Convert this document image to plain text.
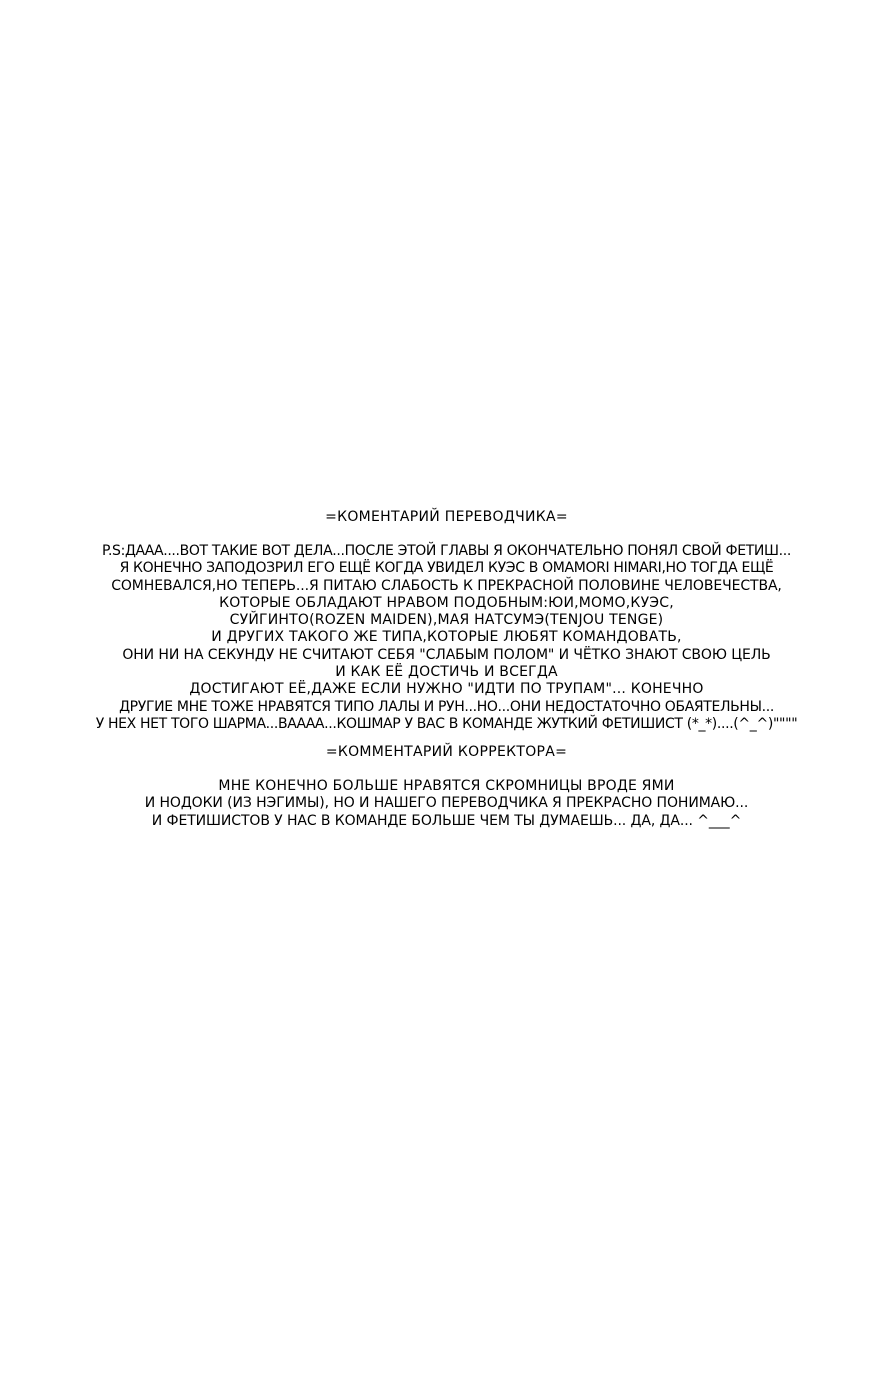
=КОМЕНТАРИЙ ПЕРЕВОДЧИКА=
P.S:ДААА....ВОТ ТАКИЕ ВОТ ДЕЛА...ПОСЛЕ ЭТОЙ ГЛАВЫ Я ОКОНЧАТЕЛЬНО ПОНЯЛ СВОЙ ФЕТИШ...
Я КОНЕЧНО ЗАПОДОЗРИЛ ЕГО ЕЩЁ КОГДА УВИДЕЛ КУЭС В OMAMORI HIMARI,НО ТОГДА ЕЩЁ
СОМНЕВАЛСЯ,НО ТЕПЕРЬ...Я ПИТАЮ СЛАБОСТЬ К ПРЕКРАСНОЙ ПОЛОВИНЕ ЧЕЛОВЕЧЕСТВА,
КОТОРЫЕ ОБЛАДАЮТ НРАВОМ ПОДОБНЫМ:ЮИ,МОМО,КУЭС,
СУЙГИНТО(ROZEN MAIDEN),МАЯ НАТСУМЭ(TENJOU TENGE)
И ДРУГИХ ТАКОГО ЖЕ ТИПА,КОТОРЫЕ ЛЮБЯТ КОМАНДОВАТЬ,
ОНИ НИ НА СЕКУНДУ НЕ СЧИТАЮТ СЕБЯ "СЛАБЫМ ПОЛОМ" И ЧЁТКО ЗНАЮТ СВОЮ ЦЕЛЬ
И КАК ЕЁ ДОСТИЧЬ И ВСЕГДА
ДОСТИГАЮТ ЕЁ,ДАЖЕ ЕСЛИ НУЖНО "ИДТИ ПО ТРУПАМ"... КОНЕЧНО
ДРУГИЕ МНЕ ТОЖЕ НРАВЯТСЯ ТИПО ЛАЛЫ И РУН...НО...ОНИ НЕДОСТАТОЧНО ОБАЯТЕЛЬНЫ...
У НЕХ НЕТ ТОГО ШАРМА...ВАААА...КОШМАР У ВАС В КОМАНДЕ ЖУТКИЙ ФЕТИШИСТ (*_*)....(^_^)""""
=КОММЕНТАРИЙ КОРРЕКТОРА=
МНЕ КОНЕЧНО БОЛЬШЕ НРАВЯТСЯ СКРОМНИЦЫ ВРОДЕ ЯМИ
И НОДОКИ (ИЗ НЭГИМЫ), НО И НАШЕГО ПЕРЕВОДЧИКА Я ПРЕКРАСНО ПОНИМАЮ...
И ФЕТИШИСТОВ У НАС В КОМАНДЕ БОЛЬШЕ ЧЕМ ТЫ ДУМАЕШЬ... ДА, ДА... ^___^
